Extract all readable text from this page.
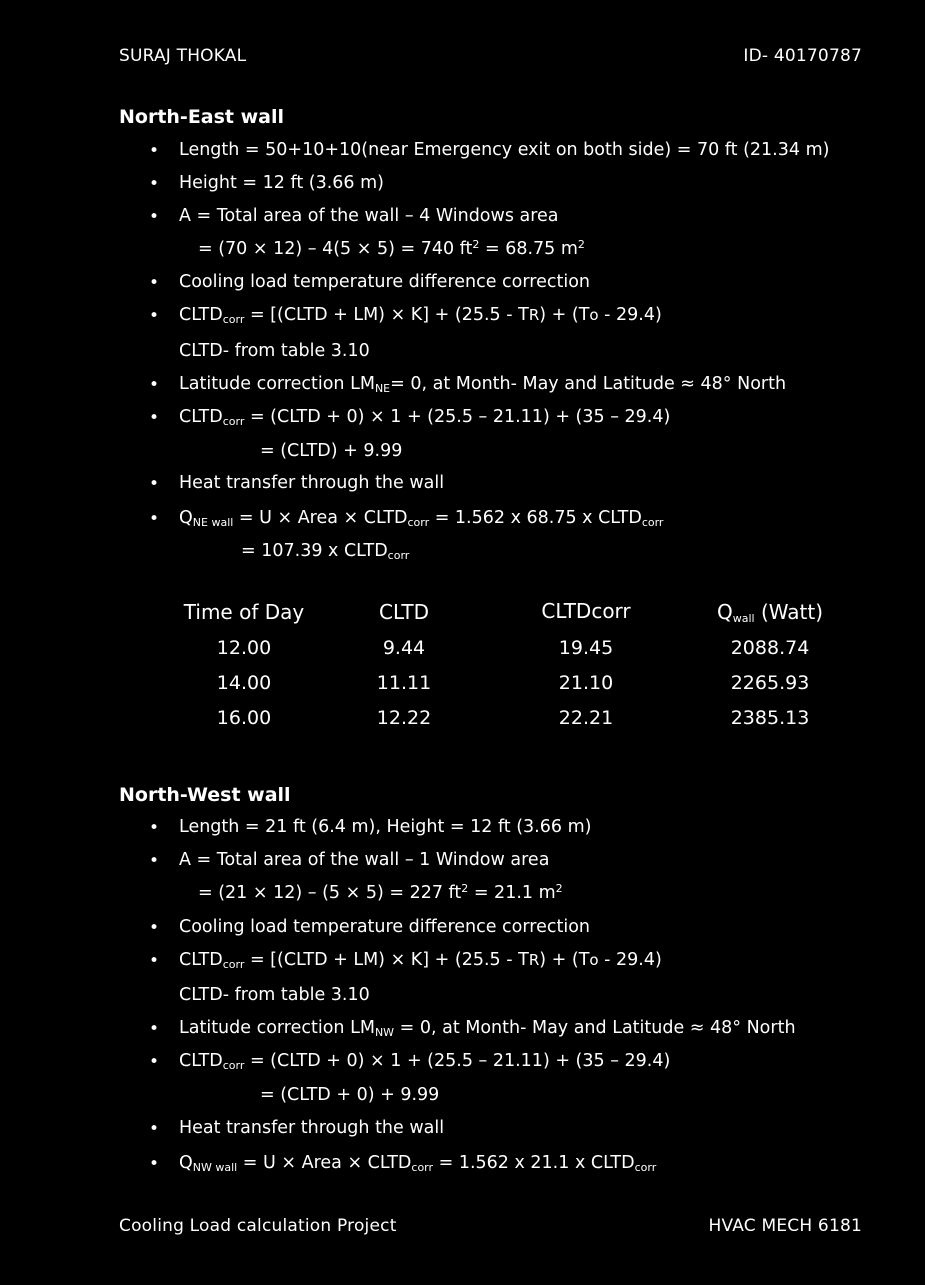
SURAJ THOKAL	ID- 40170787
North-East wall
• Length = 50+10+10(near Emergency exit on both side) = 70 ft (21.34 m)
• Height = 12 ft (3.66 m)
• A = Total area of the wall – 4 Windows area
= (70 × 12) – 4(5 × 5) = 740 $ft^2 = 68.75$ $m^2$
• Cooling load temperature difference correction
• $CLTD_{corr}$ = [(CLTD + LM) × K] + (25.5 - TR) + (To - 29.4)
CLTD- from table 3.10
• Latitude correction $LM_{NE}= 0$, at Month- May and Latitude ≈ 48° North
• $CLTD_{corr}$ = (CLTD + 0) × 1 + (25.5 – 21.11) + (35 – 29.4)
= (CLTD) + 9.99
• Heat transfer through the wall
• $Q_{NE wall} = U$ × Area × $CLTD_{corr} = 1.562$ x 68.75 x $CLTD_{corr}$
= 107.39 x $CLTD_{corr}$
Time of Day	CLTD	CLTDcorr	$Q_{wall}$ (Watt)
12.00	9.44	19.45	2088.74
14.00	11.11	21.10	2265.93
16.00	12.22	22.21	2385.13
North-West wall
• Length = 21 ft (6.4 m), Height = 12 ft (3.66 m)
• A = Total area of the wall – 1 Window area
= (21 × 12) – (5 × 5) = 227 $ft^2 = 21.1$ $m^2$
• Cooling load temperature difference correction
• $CLTD_{corr}$ = [(CLTD + LM) × K] + (25.5 - TR) + (To - 29.4)
CLTD- from table 3.10
• Latitude correction $LM_{NW} = 0$, at Month- May and Latitude ≈ 48° North
• $CLTD_{corr}$ = (CLTD + 0) × 1 + (25.5 – 21.11) + (35 – 29.4)
= (CLTD + 0) + 9.99
• Heat transfer through the wall
• $Q_{NW wall} = U$ × Area × $CLTD_{corr} = 1.562$ x 21.1 x $CLTD_{corr}$
Cooling Load calculation Project	HVAC MECH 6181
